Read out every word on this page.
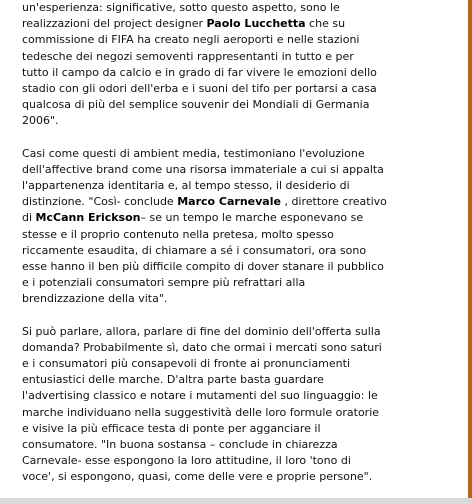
un'esperienza: significative, sotto questo aspetto, sono le
realizzazioni del project designer Paolo Lucchetta che su
commissione di FIFA ha creato negli aeroporti e nelle stazioni
tedesche dei negozi semoventi rappresentanti in tutto e per
tutto il campo da calcio e in grado di far vivere le emozioni dello
stadio con gli odori dell'erba e i suoni del tifo per portarsi a casa
qualcosa di più del semplice souvenir dei Mondiali di Germania
2006".

Casi come questi di ambient media, testimoniano l'evoluzione
dell'affective brand come una risorsa immateriale a cui si appalta
l'appartenenza identitaria e, al tempo stesso, il desiderio di
distinzione. "Così- conclude Marco Carnevale , direttore creativo
di McCann Erickson– se un tempo le marche esponevano se
stesse e il proprio contenuto nella pretesa, molto spesso
riccamente esaudita, di chiamare a sé i consumatori, ora sono
esse hanno il ben più difficile compito di dover stanare il pubblico
e i potenziali consumatori sempre più refrattari alla
brendizzazione della vita".

Si può parlare, allora, parlare di fine del dominio dell'offerta sulla
domanda? Probabilmente sì, dato che ormai i mercati sono saturi
e i consumatori più consapevoli di fronte ai pronunciamenti
entusiastici delle marche. D'altra parte basta guardare
l'advertising classico e notare i mutamenti del suo linguaggio: le
marche individuano nella suggestività delle loro formule oratorie
e visive la più efficace testa di ponte per agganciare il
consumatore. "In buona sostansa – conclude in chiarezza
Carnevale- esse espongono la loro attitudine, il loro 'tono di
voce', si espongono, quasi, come delle vere e proprie persone".
